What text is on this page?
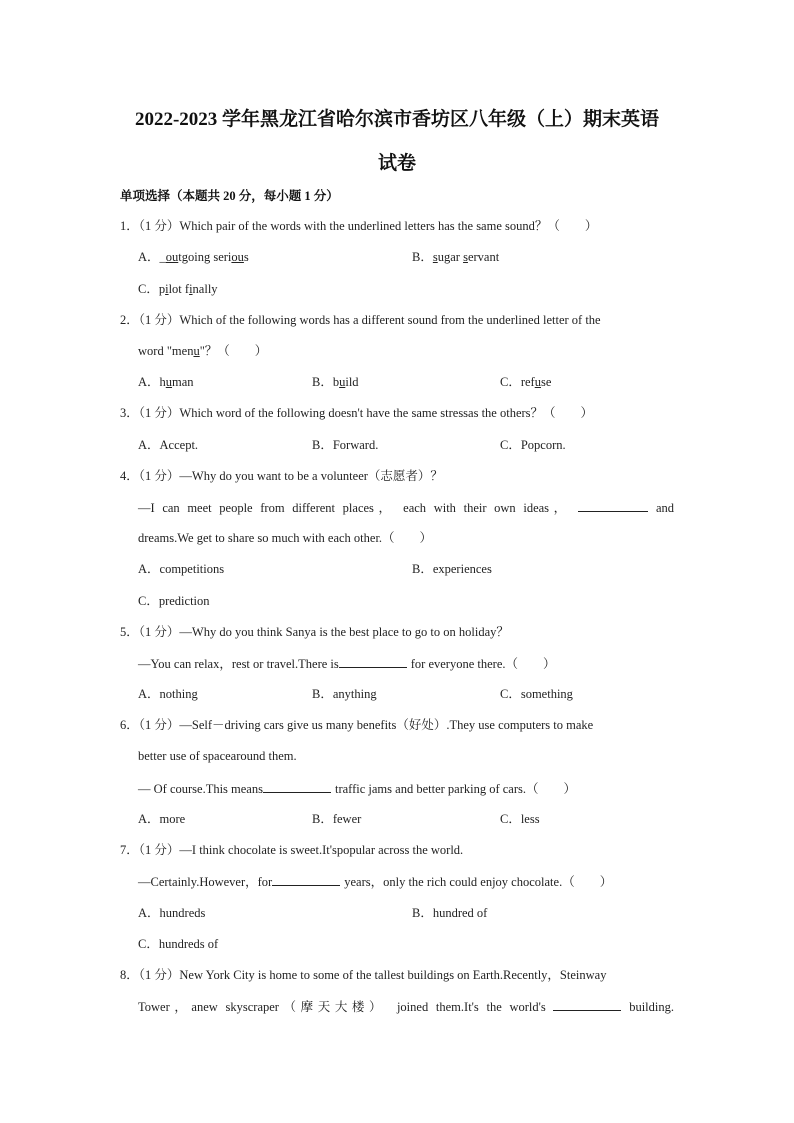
2022-2023 学年黑龙江省哈尔滨市香坊区八年级（上）期末英语
试卷
单项选择（本题共 20 分，每小题 1 分）
1．（1 分）Which pair of the words with the underlined letters has the same sound？（　　）
A．_outgoing serious	B．sugar servant
C．pilot finally
2．（1 分）Which of the following words has a different sound from the underlined letter of the
word "menu"？（　　）
A．human	B．build	C．refuse
3．（1 分）Which word of the following doesn't have the same stressas the others？（　　）
A．Accept.	B．Forward.	C．Popcorn.
4．（1 分）—Why do you want to be a volunteer（志愿者）？
—I can meet people from different places， each with their own ideas，	and
dreams.We get to share so much with each other.（　　）
A．competitions	B．experiences
C．prediction
5．（1 分）—Why do you think Sanya is the best place to go to on holiday？
—You can relax，rest or travel.There is	for everyone there.（　　）
A．nothing	B．anything	C．something
6．（1 分）—Self－driving cars give us many benefits（好处）.They use computers to make
better use of spacearound them.
— Of course.This means	traffic jams and better parking of cars.（　　）
A．more	B．fewer	C．less
7．（1 分）—I think chocolate is sweet.It'spopular across the world.
—Certainly.However，for	years，only the rich could enjoy chocolate.（　　）
A．hundreds	B．hundred of
C．hundreds of
8．（1 分）New York City is home to some of the tallest buildings on Earth.Recently，Steinway
Tower，anew skyscraper（摩天大楼）　joined them.It's the world's	building.
